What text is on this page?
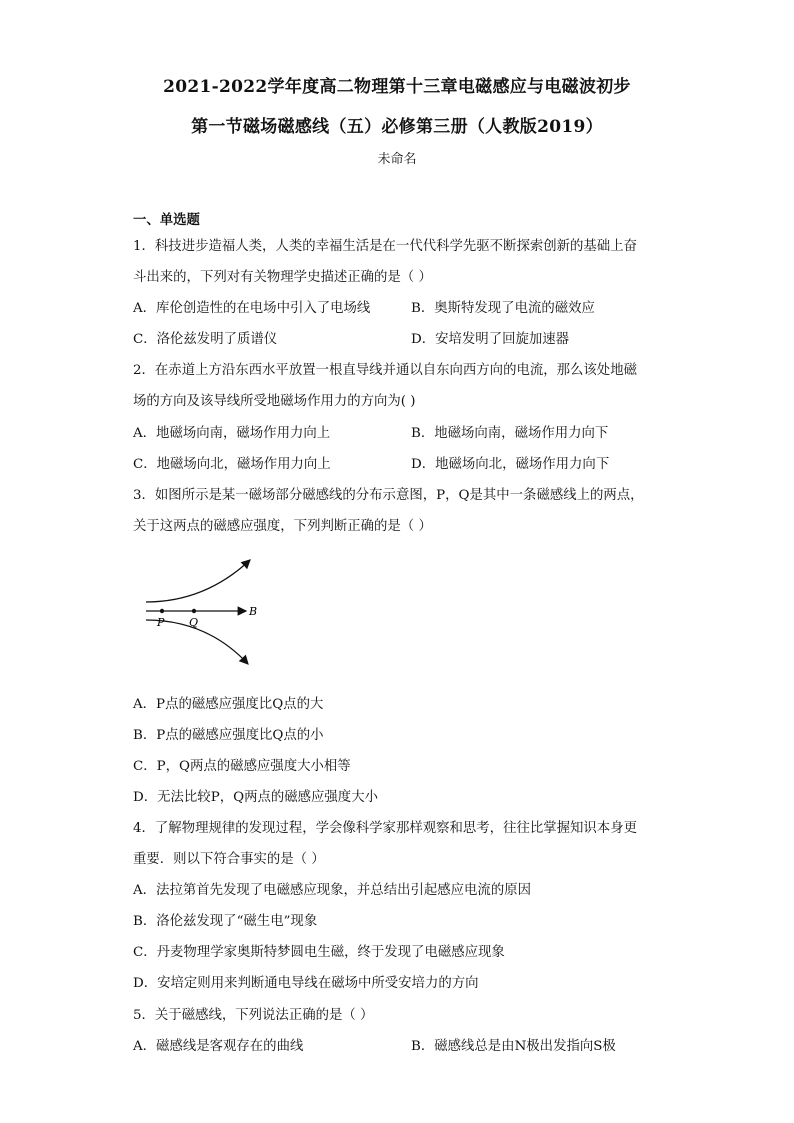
2021-2022学年度高二物理第十三章电磁感应与电磁波初步
第一节磁场磁感线（五）必修第三册（人教版2019）
未命名
一、单选题
1．科技进步造福人类，人类的幸福生活是在一代代科学先驱不断探索创新的基础上奋
斗出来的，下列对有关物理学史描述正确的是（ ）
A．库伦创造性的在电场中引入了电场线	B．奥斯特发现了电流的磁效应
C．洛伦兹发明了质谱仪	D．安培发明了回旋加速器
2．在赤道上方沿东西水平放置一根直导线并通以自东向西方向的电流，那么该处地磁
场的方向及该导线所受地磁场作用力的方向为( )
A．地磁场向南，磁场作用力向上	B．地磁场向南，磁场作用力向下
C．地磁场向北，磁场作用力向上	D．地磁场向北，磁场作用力向下
3．如图所示是某一磁场部分磁感线的分布示意图，P，Q是其中一条磁感线上的两点，
关于这两点的磁感应强度，下列判断正确的是（ ）
P Q
B
A．P点的磁感应强度比Q点的大
B．P点的磁感应强度比Q点的小
C．P，Q两点的磁感应强度大小相等
D．无法比较P，Q两点的磁感应强度大小
4．了解物理规律的发现过程，学会像科学家那样观察和思考，往往比掌握知识本身更
重要．则以下符合事实的是（ ）
A．法拉第首先发现了电磁感应现象，并总结出引起感应电流的原因
B．洛伦兹发现了“磁生电”现象
C．丹麦物理学家奥斯特梦圆电生磁，终于发现了电磁感应现象
D．安培定则用来判断通电导线在磁场中所受安培力的方向
5．关于磁感线，下列说法正确的是（ ）
A．磁感线是客观存在的曲线	B．磁感线总是由N极出发指向S极
